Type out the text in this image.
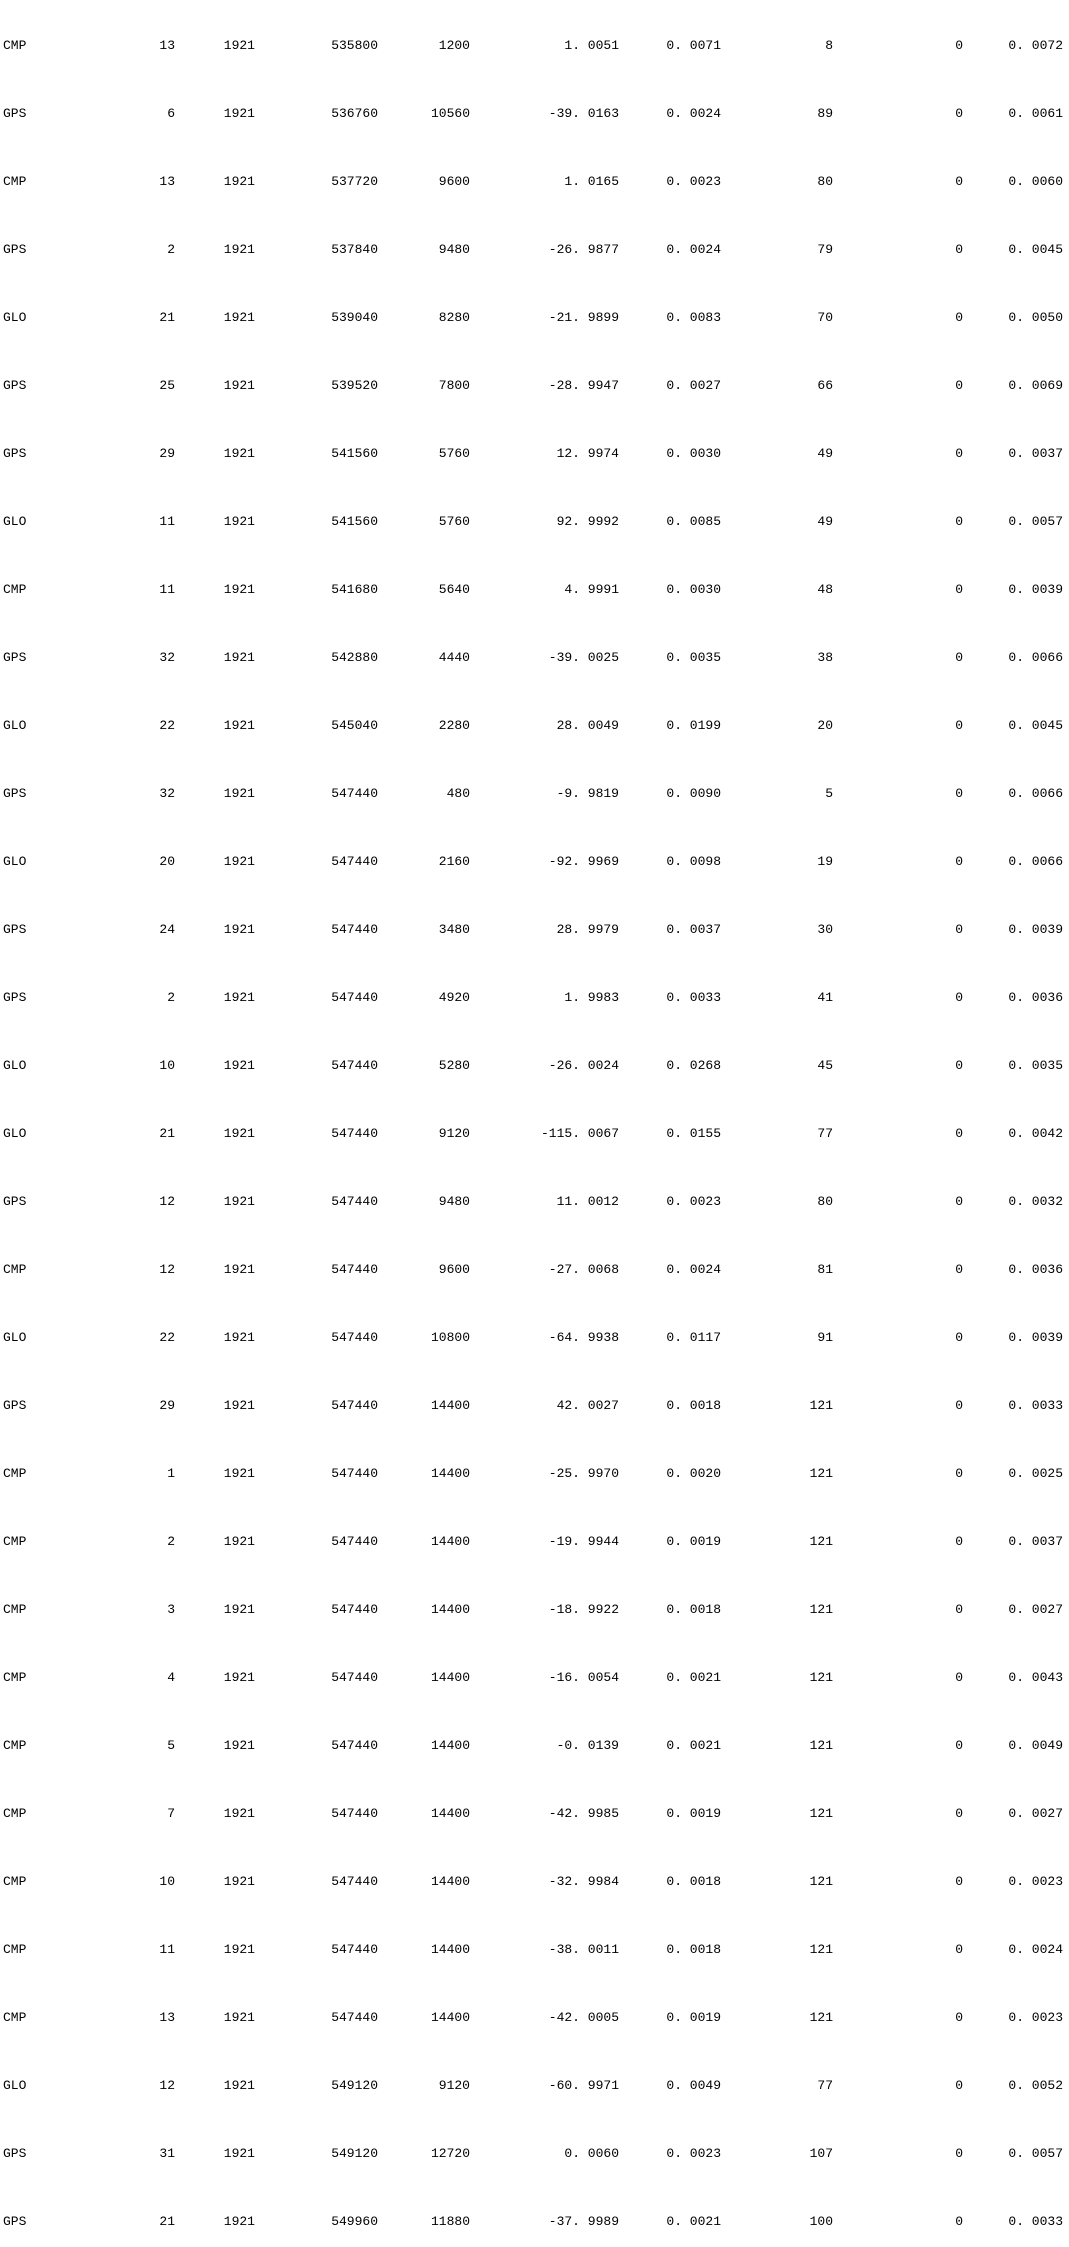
CMP	13	1921	535800	1200	1. 0051	0. 0071	8	0	0. 0072

GPS	6	1921	536760	10560	-39. 0163	0. 0024	89	0	0. 0061

CMP	13	1921	537720	9600	1. 0165	0. 0023	80	0	0. 0060

GPS	2	1921	537840	9480	-26. 9877	0. 0024	79	0	0. 0045

GLO	21	1921	539040	8280	-21. 9899	0. 0083	70	0	0. 0050

GPS	25	1921	539520	7800	-28. 9947	0. 0027	66	0	0. 0069

GPS	29	1921	541560	5760	12. 9974	0. 0030	49	0	0. 0037

GLO	11	1921	541560	5760	92. 9992	0. 0085	49	0	0. 0057

CMP	11	1921	541680	5640	4. 9991	0. 0030	48	0	0. 0039

GPS	32	1921	542880	4440	-39. 0025	0. 0035	38	0	0. 0066

GLO	22	1921	545040	2280	28. 0049	0. 0199	20	0	0. 0045

GPS	32	1921	547440	480	-9. 9819	0. 0090	5	0	0. 0066

GLO	20	1921	547440	2160	-92. 9969	0. 0098	19	0	0. 0066

GPS	24	1921	547440	3480	28. 9979	0. 0037	30	0	0. 0039

GPS	2	1921	547440	4920	1. 9983	0. 0033	41	0	0. 0036

GLO	10	1921	547440	5280	-26. 0024	0. 0268	45	0	0. 0035

GLO	21	1921	547440	9120	-115. 0067	0. 0155	77	0	0. 0042

GPS	12	1921	547440	9480	11. 0012	0. 0023	80	0	0. 0032

CMP	12	1921	547440	9600	-27. 0068	0. 0024	81	0	0. 0036

GLO	22	1921	547440	10800	-64. 9938	0. 0117	91	0	0. 0039

GPS	29	1921	547440	14400	42. 0027	0. 0018	121	0	0. 0033

CMP	1	1921	547440	14400	-25. 9970	0. 0020	121	0	0. 0025

CMP	2	1921	547440	14400	-19. 9944	0. 0019	121	0	0. 0037

CMP	3	1921	547440	14400	-18. 9922	0. 0018	121	0	0. 0027

CMP	4	1921	547440	14400	-16. 0054	0. 0021	121	0	0. 0043

CMP	5	1921	547440	14400	-0. 0139	0. 0021	121	0	0. 0049

CMP	7	1921	547440	14400	-42. 9985	0. 0019	121	0	0. 0027

CMP	10	1921	547440	14400	-32. 9984	0. 0018	121	0	0. 0023

CMP	11	1921	547440	14400	-38. 0011	0. 0018	121	0	0. 0024

CMP	13	1921	547440	14400	-42. 0005	0. 0019	121	0	0. 0023

GLO	12	1921	549120	9120	-60. 9971	0. 0049	77	0	0. 0052

GPS	31	1921	549120	12720	0. 0060	0. 0023	107	0	0. 0057

GPS	21	1921	549960	11880	-37. 9989	0. 0021	100	0	0. 0033
